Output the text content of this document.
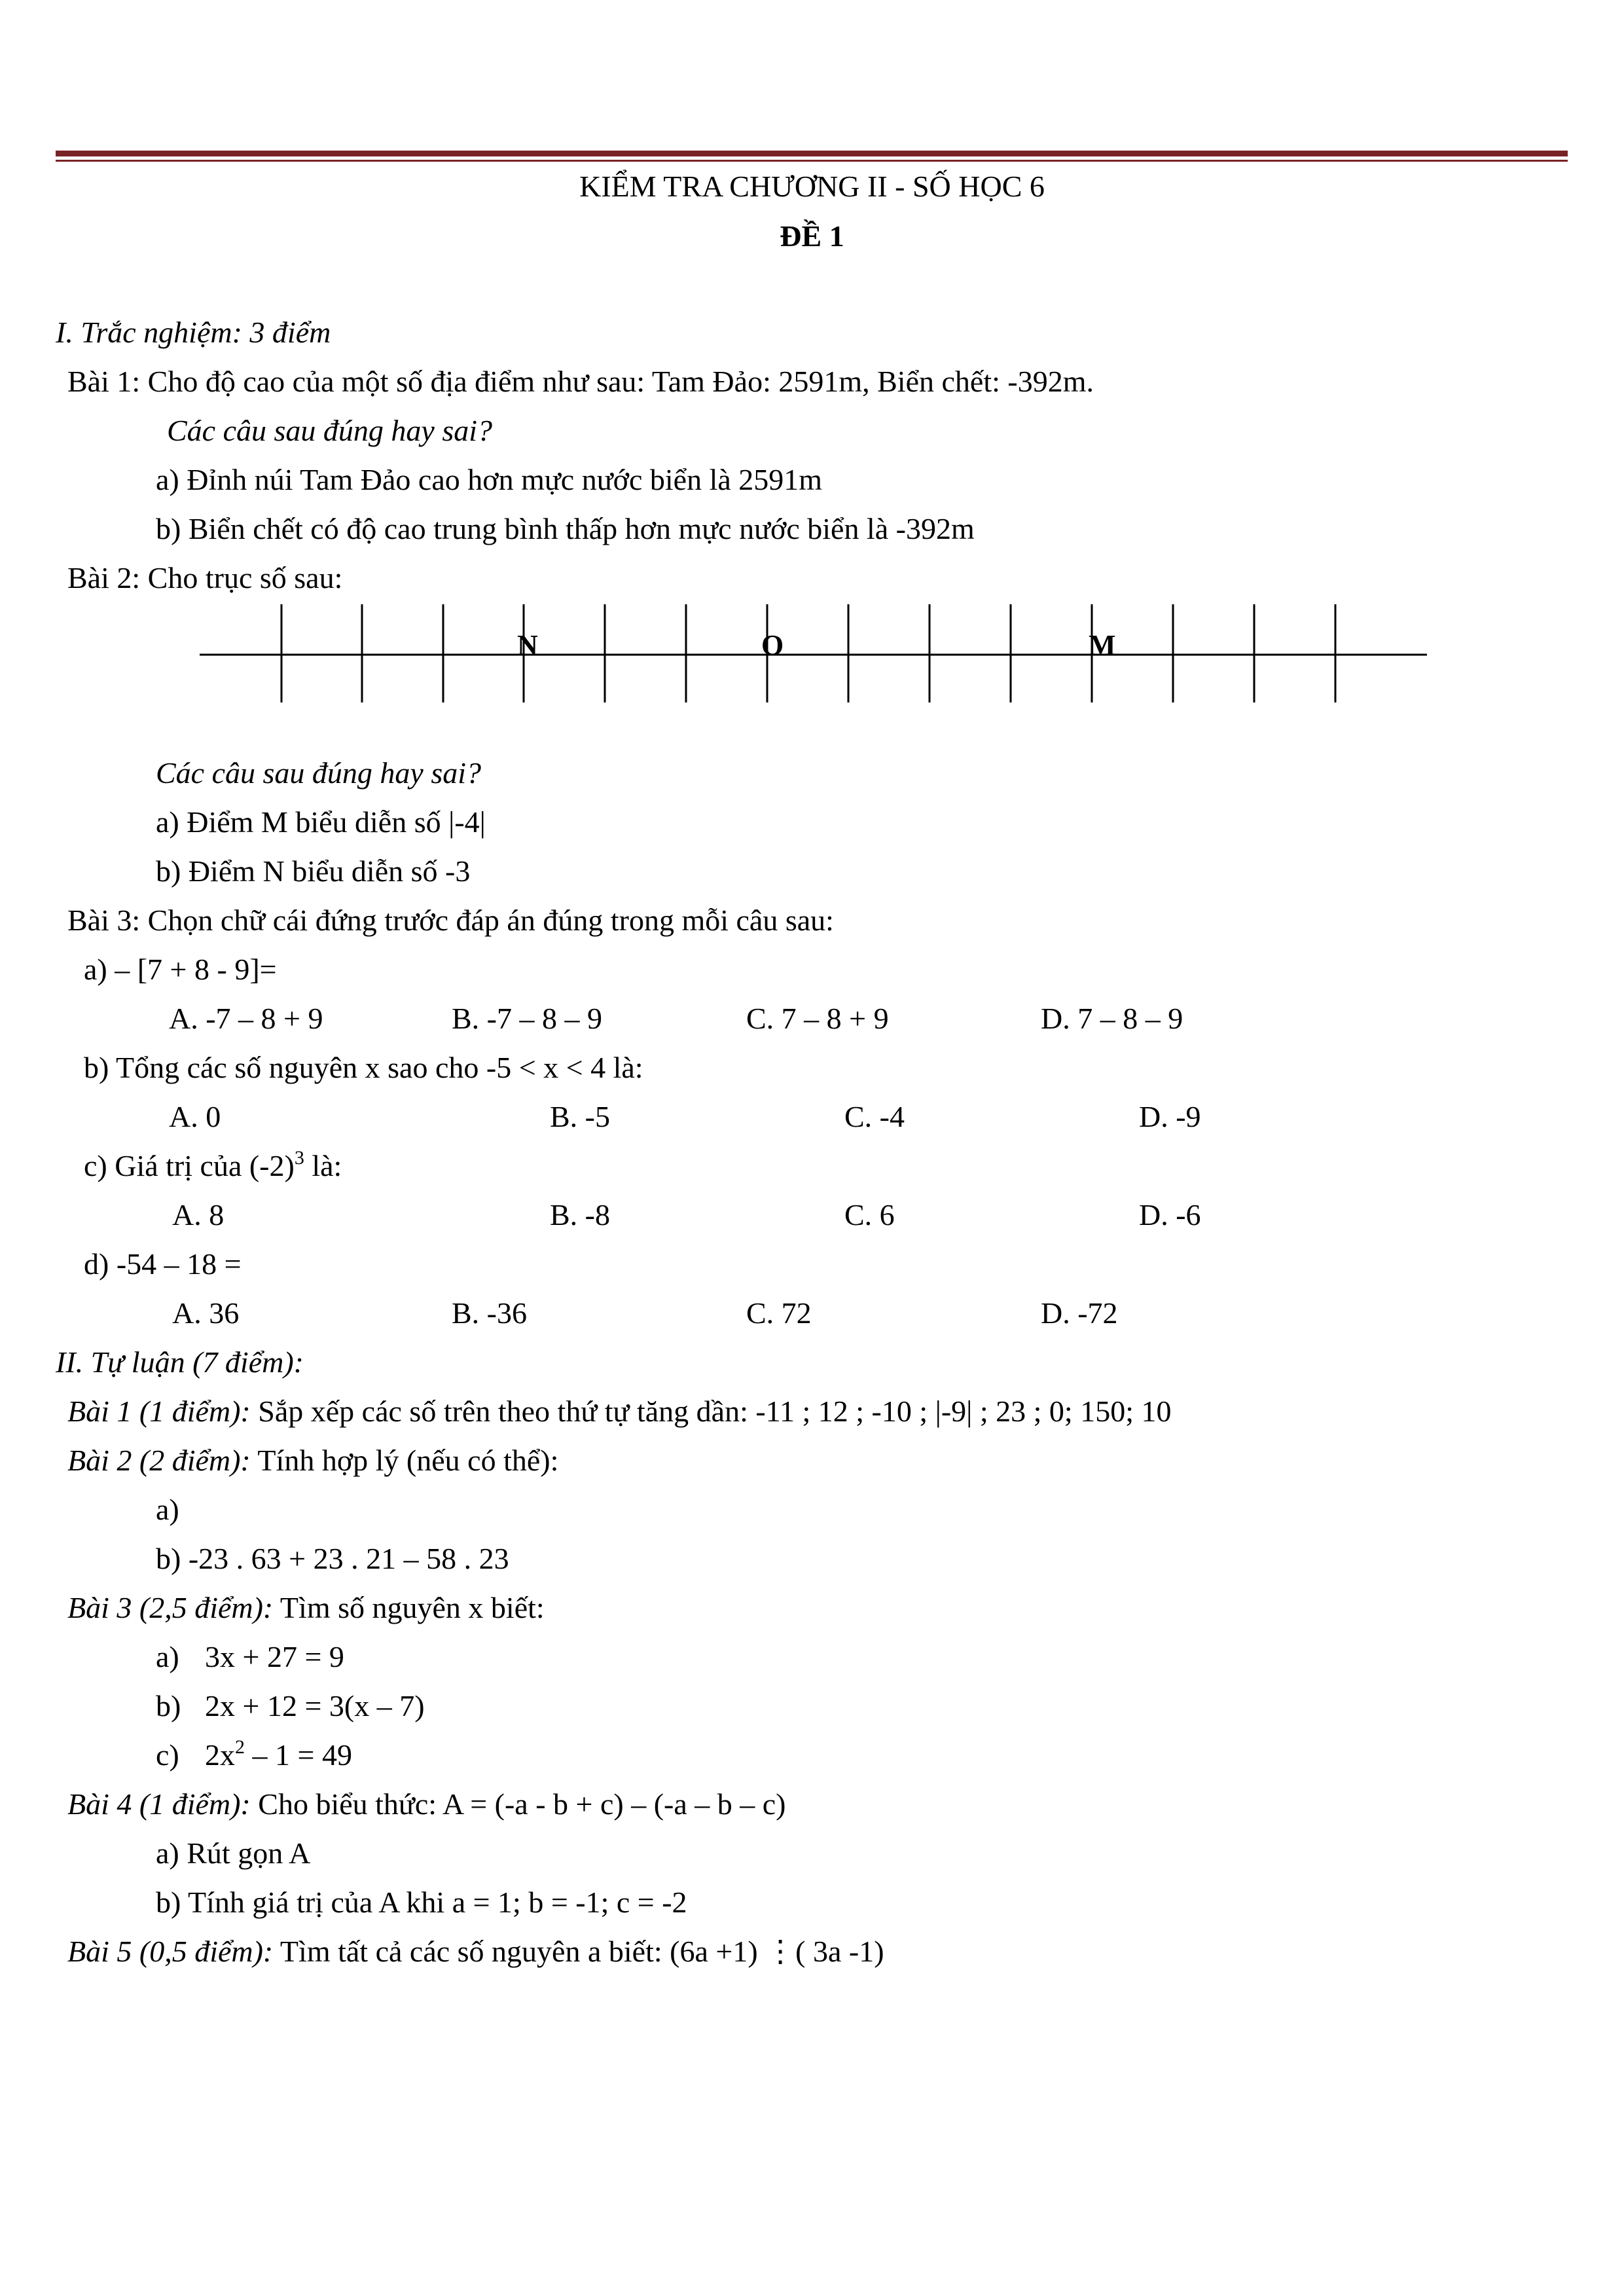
KIỂM TRA CHƯƠNG II - SỐ HỌC 6
ĐỀ 1
I. Trắc nghiệm: 3 điểm
Bài 1: Cho độ cao của một số địa điểm như sau: Tam Đảo: 2591m, Biển chết: -392m.
Các câu sau đúng hay sai?
a) Đỉnh núi Tam Đảo cao hơn mực nước biển là 2591m
b) Biển chết có độ cao trung bình thấp hơn mực nước biển là -392m
Bài 2: Cho trục số sau:
N	O	M
Các câu sau đúng hay sai?
a) Điểm M biểu diễn số |-4|
b) Điểm N biểu diễn số -3
Bài 3: Chọn chữ cái đứng trước đáp án đúng trong mỗi câu sau:
a) – [7 + 8 - 9]=
A. -7 – 8 + 9	B. -7 – 8 – 9	C. 7 – 8 + 9	D. 7 – 8 – 9
b) Tổng các số nguyên x sao cho -5 < x < 4 là:
A. 0	B. -5	C. -4	D. -9
c) Giá trị của $(-2)^3$ là:
A. 8	B. -8	C. 6	D. -6
d) -54 – 18 =
A. 36	B. -36	C. 72	D. -72
II. Tự luận (7 điểm):
Bài 1 (1 điểm): Sắp xếp các số trên theo thứ tự tăng dần: -11 ; 12 ; -10 ; |-9| ; 23 ; 0; 150; 10
Bài 2 (2 điểm): Tính hợp lý (nếu có thể):
a)
b) -23 . 63 + 23 . 21 – 58 . 23
Bài 3 (2,5 điểm): Tìm số nguyên x biết:
a) 3x + 27 = 9
b) 2x + 12 = 3(x – 7)
c) $2x^2 - 1 = 49$
Bài 4 (1 điểm): Cho biểu thức: A = (-a - b + c) – (-a – b – c)
a) Rút gọn A
b) Tính giá trị của A khi a = 1; b = -1; c = -2
Bài 5 (0,5 điểm): Tìm tất cả các số nguyên a biết: (6a +1) ⋮( 3a -1)
